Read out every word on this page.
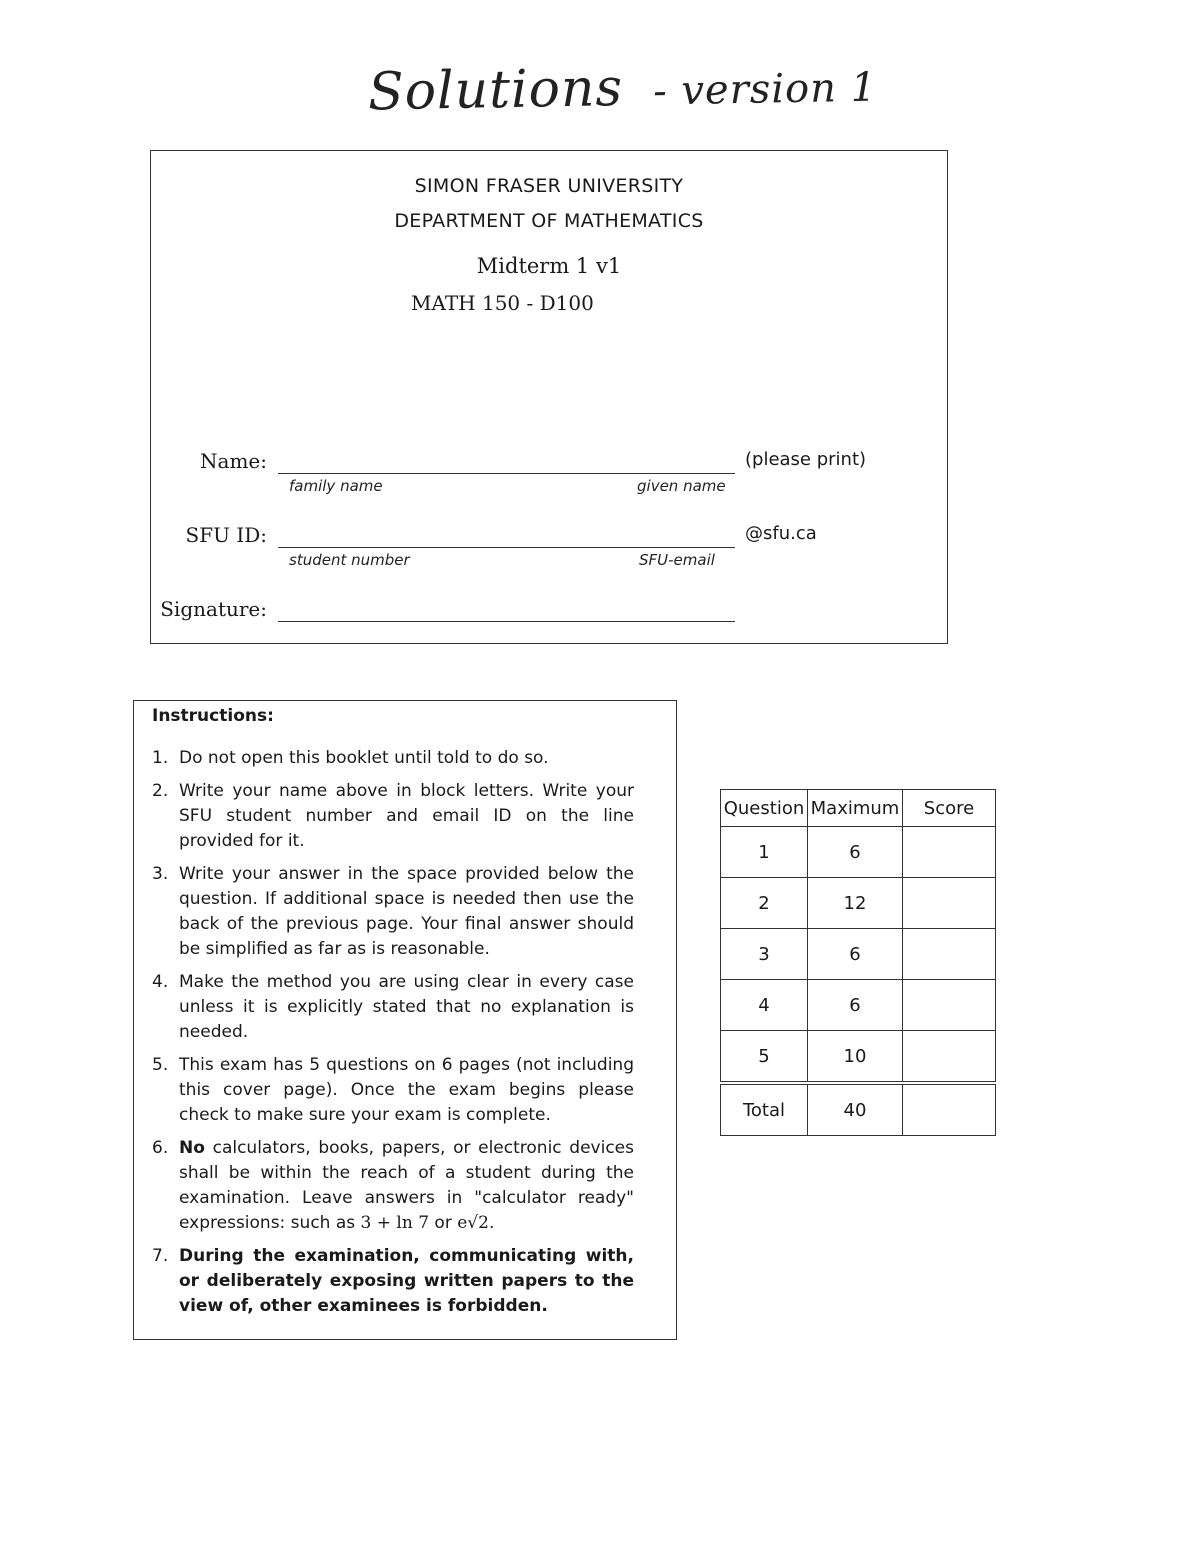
Solutions - version 1
SIMON FRASER UNIVERSITY
DEPARTMENT OF MATHEMATICS
Midterm 1 v1
MATH 150 - D100
Name:	(please print)
family name	given name
SFU ID:	@sfu.ca
student number	SFU-email
Signature:
Instructions:
1. Do not open this booklet until told to do so.
2. Write your name above in block letters. Write your SFU student number and email ID on the line provided for it.
3. Write your answer in the space provided below the question. If additional space is needed then use the back of the previous page. Your final answer should be simplified as far as is reasonable.
4. Make the method you are using clear in every case unless it is explicitly stated that no explanation is needed.
5. This exam has 5 questions on 6 pages (not including this cover page). Once the exam begins please check to make sure your exam is complete.
6. No calculators, books, papers, or electronic devices shall be within the reach of a student during the examination. Leave answers in "calculator ready" expressions: such as 3 + ln 7 or e√2.
7. During the examination, communicating with, or deliberately exposing written papers to the view of, other examinees is forbidden.
Question	Maximum	Score
1	6	
2	12	
3	6	
4	6	
5	10	
Total	40	
